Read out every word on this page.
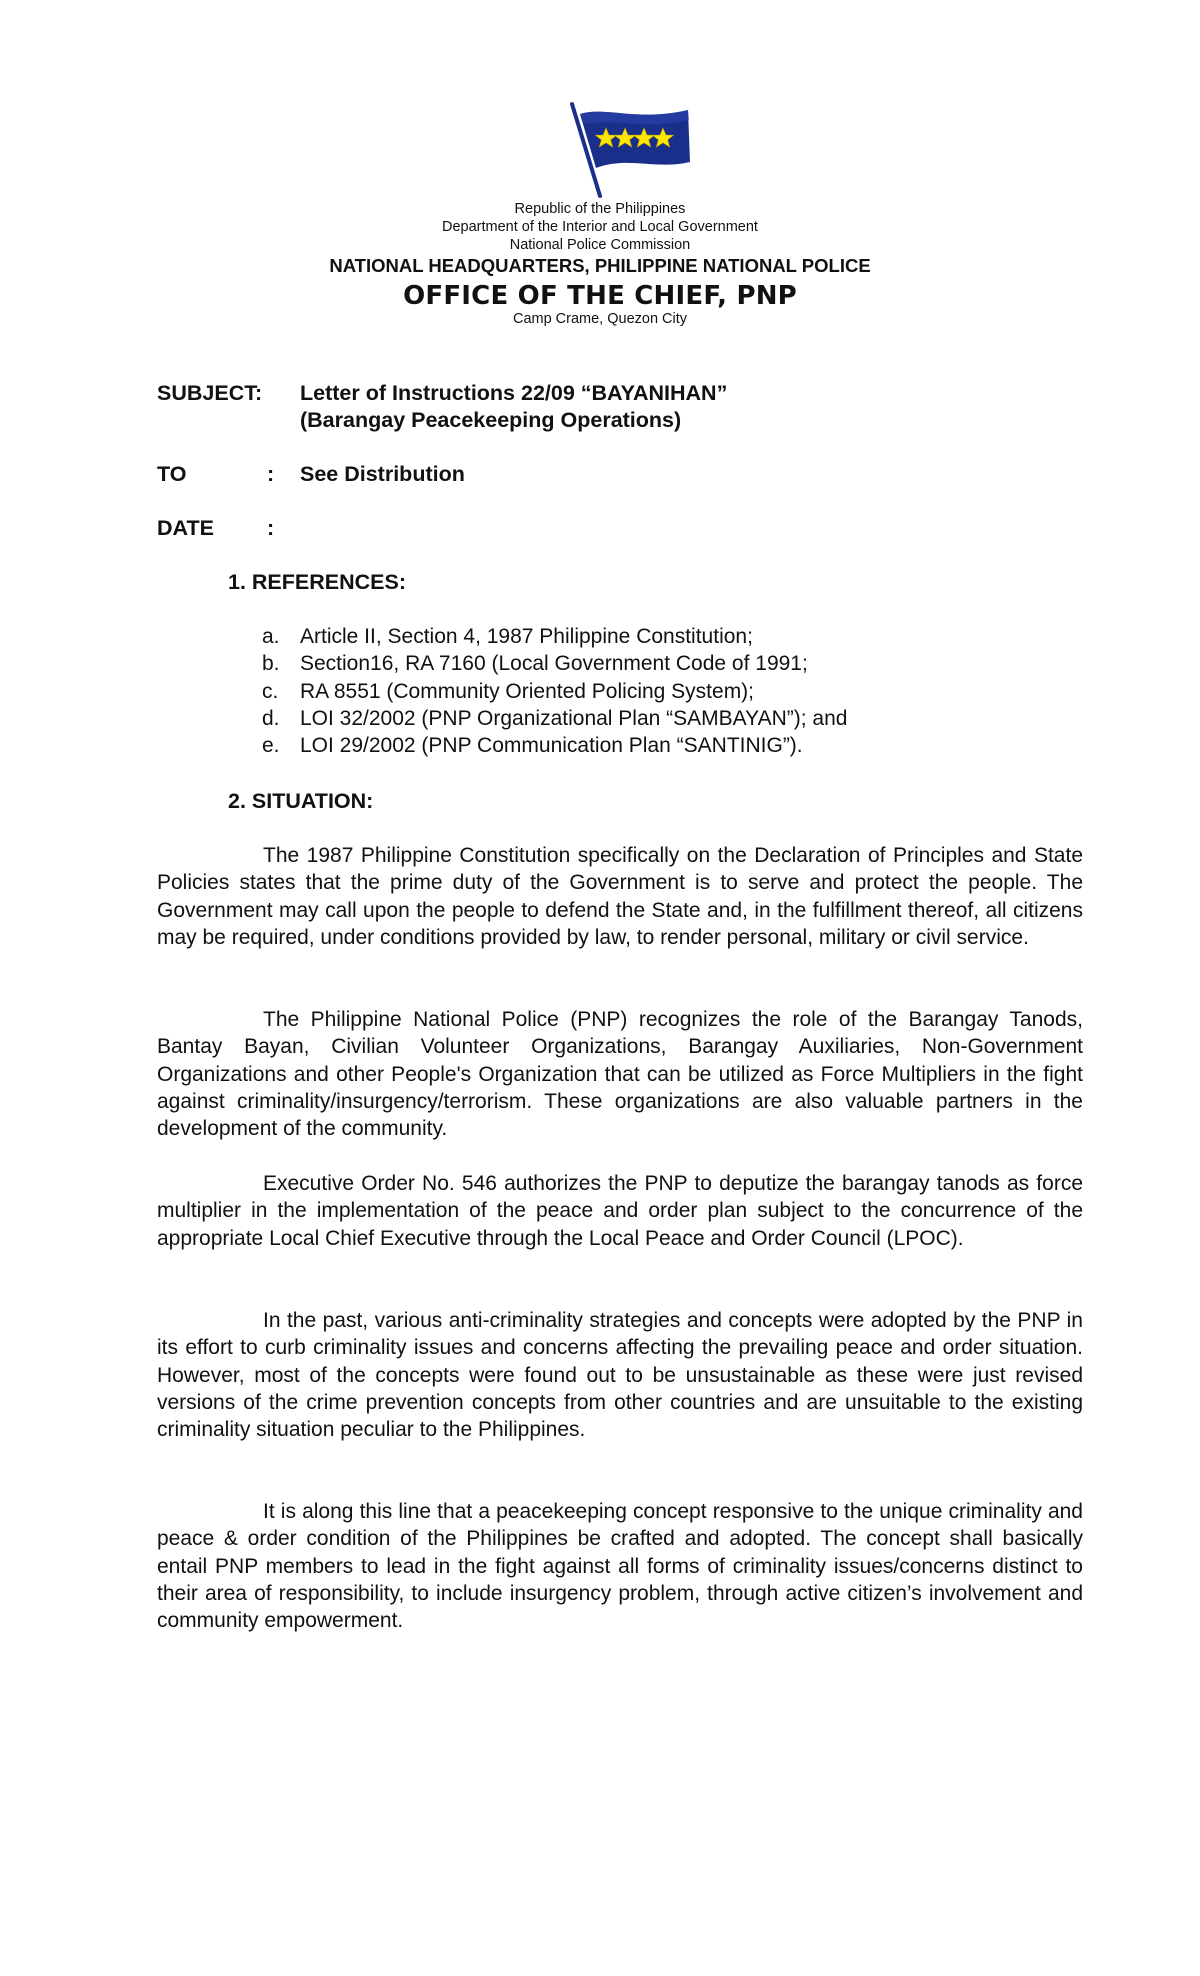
Republic of the Philippines
Department of the Interior and Local Government
National Police Commission
NATIONAL HEADQUARTERS, PHILIPPINE NATIONAL POLICE
OFFICE OF THE CHIEF, PNP
Camp Crame, Quezon City
SUBJECT: Letter of Instructions 22/09 “BAYANIHAN”
(Barangay Peacekeeping Operations)
TO	: See Distribution
DATE :
1. REFERENCES:
a. Article II, Section 4, 1987 Philippine Constitution;
b. Section16, RA 7160 (Local Government Code of 1991;
c. RA 8551 (Community Oriented Policing System);
d. LOI 32/2002 (PNP Organizational Plan “SAMBAYAN”); and
e. LOI 29/2002 (PNP Communication Plan “SANTINIG”).
2. SITUATION:

The 1987 Philippine Constitution specifically on the Declaration of Principles and State Policies states that the prime duty of the Government is to serve and protect the people. The Government may call upon the people to defend the State and, in the fulfillment thereof, all citizens may be required, under conditions provided by law, to render personal, military or civil service.

The Philippine National Police (PNP) recognizes the role of the Barangay Tanods, Bantay Bayan, Civilian Volunteer Organizations, Barangay Auxiliaries, Non-Government Organizations and other People's Organization that can be utilized as Force Multipliers in the fight against criminality/insurgency/terrorism. These organizations are also valuable partners in the development of the community.

Executive Order No. 546 authorizes the PNP to deputize the barangay tanods as force multiplier in the implementation of the peace and order plan subject to the concurrence of the appropriate Local Chief Executive through the Local Peace and Order Council (LPOC).

In the past, various anti-criminality strategies and concepts were adopted by the PNP in its effort to curb criminality issues and concerns affecting the prevailing peace and order situation. However, most of the concepts were found out to be unsustainable as these were just revised versions of the crime prevention concepts from other countries and are unsuitable to the existing criminality situation peculiar to the Philippines.

It is along this line that a peacekeeping concept responsive to the unique criminality and peace & order condition of the Philippines be crafted and adopted. The concept shall basically entail PNP members to lead in the fight against all forms of criminality issues/concerns distinct to their area of responsibility, to include insurgency problem, through active citizen’s involvement and community empowerment.
